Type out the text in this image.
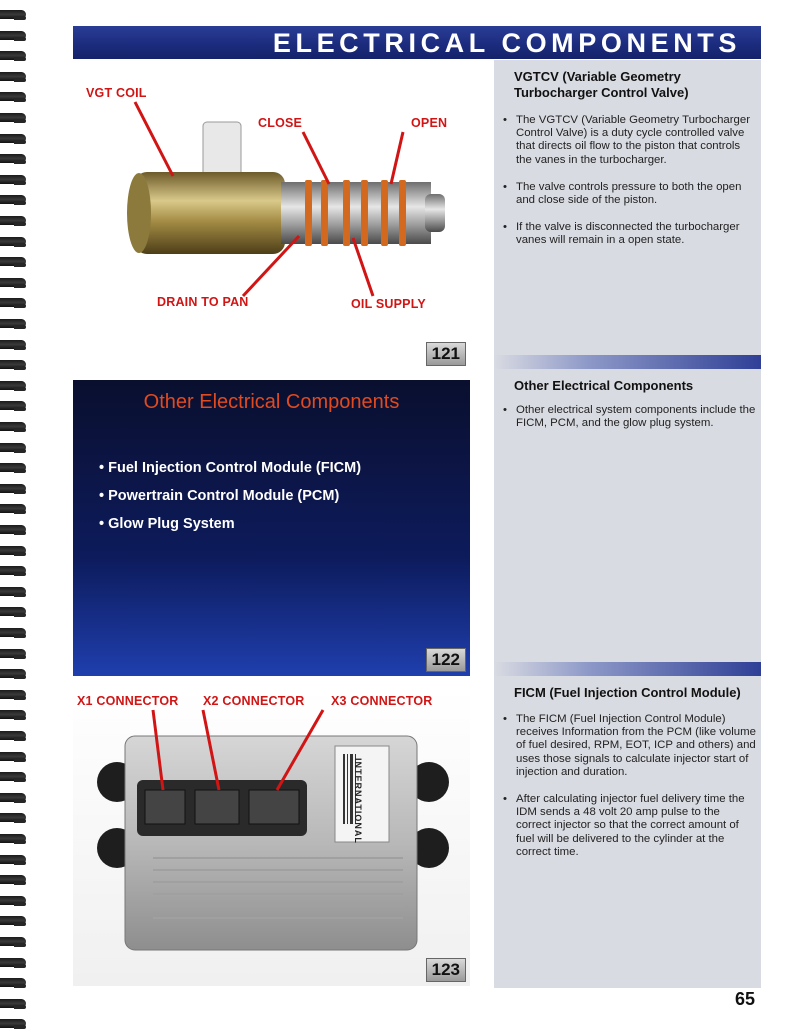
ELECTRICAL COMPONENTS
VGTCV (Variable Geometry Turbocharger Control Valve)
• The VGTCV (Variable Geometry Turbocharger Control Valve) is a duty cycle controlled valve that directs oil flow to the piston that controls the vanes in the turbocharger.
• The valve controls pressure to both the open and close side of the piston.
• If the valve is disconnected the turbocharger vanes will remain in a open state.
Other Electrical Components
• Other electrical system components include the FICM, PCM, and the glow plug system.
FICM (Fuel Injection Control Module)
• The FICM (Fuel Injection Control Module) receives Information from the PCM (like volume of fuel desired, RPM, EOT, ICP and others) and uses those signals to calculate injector start of injection and duration.
• After calculating injector fuel delivery time the IDM sends a 48 volt 20 amp pulse to the correct injector so that the correct amount of fuel will be delivered to the cylinder at the correct time.
VGT COIL
CLOSE	OPEN
DRAIN TO PAN	OIL SUPPLY
121
Other Electrical Components
• Fuel Injection Control Module (FICM)
• Powertrain Control Module (PCM)
• Glow Plug System
122
X1 CONNECTOR X2 CONNECTOR X3 CONNECTOR
INTERNATIONAL
123
65
